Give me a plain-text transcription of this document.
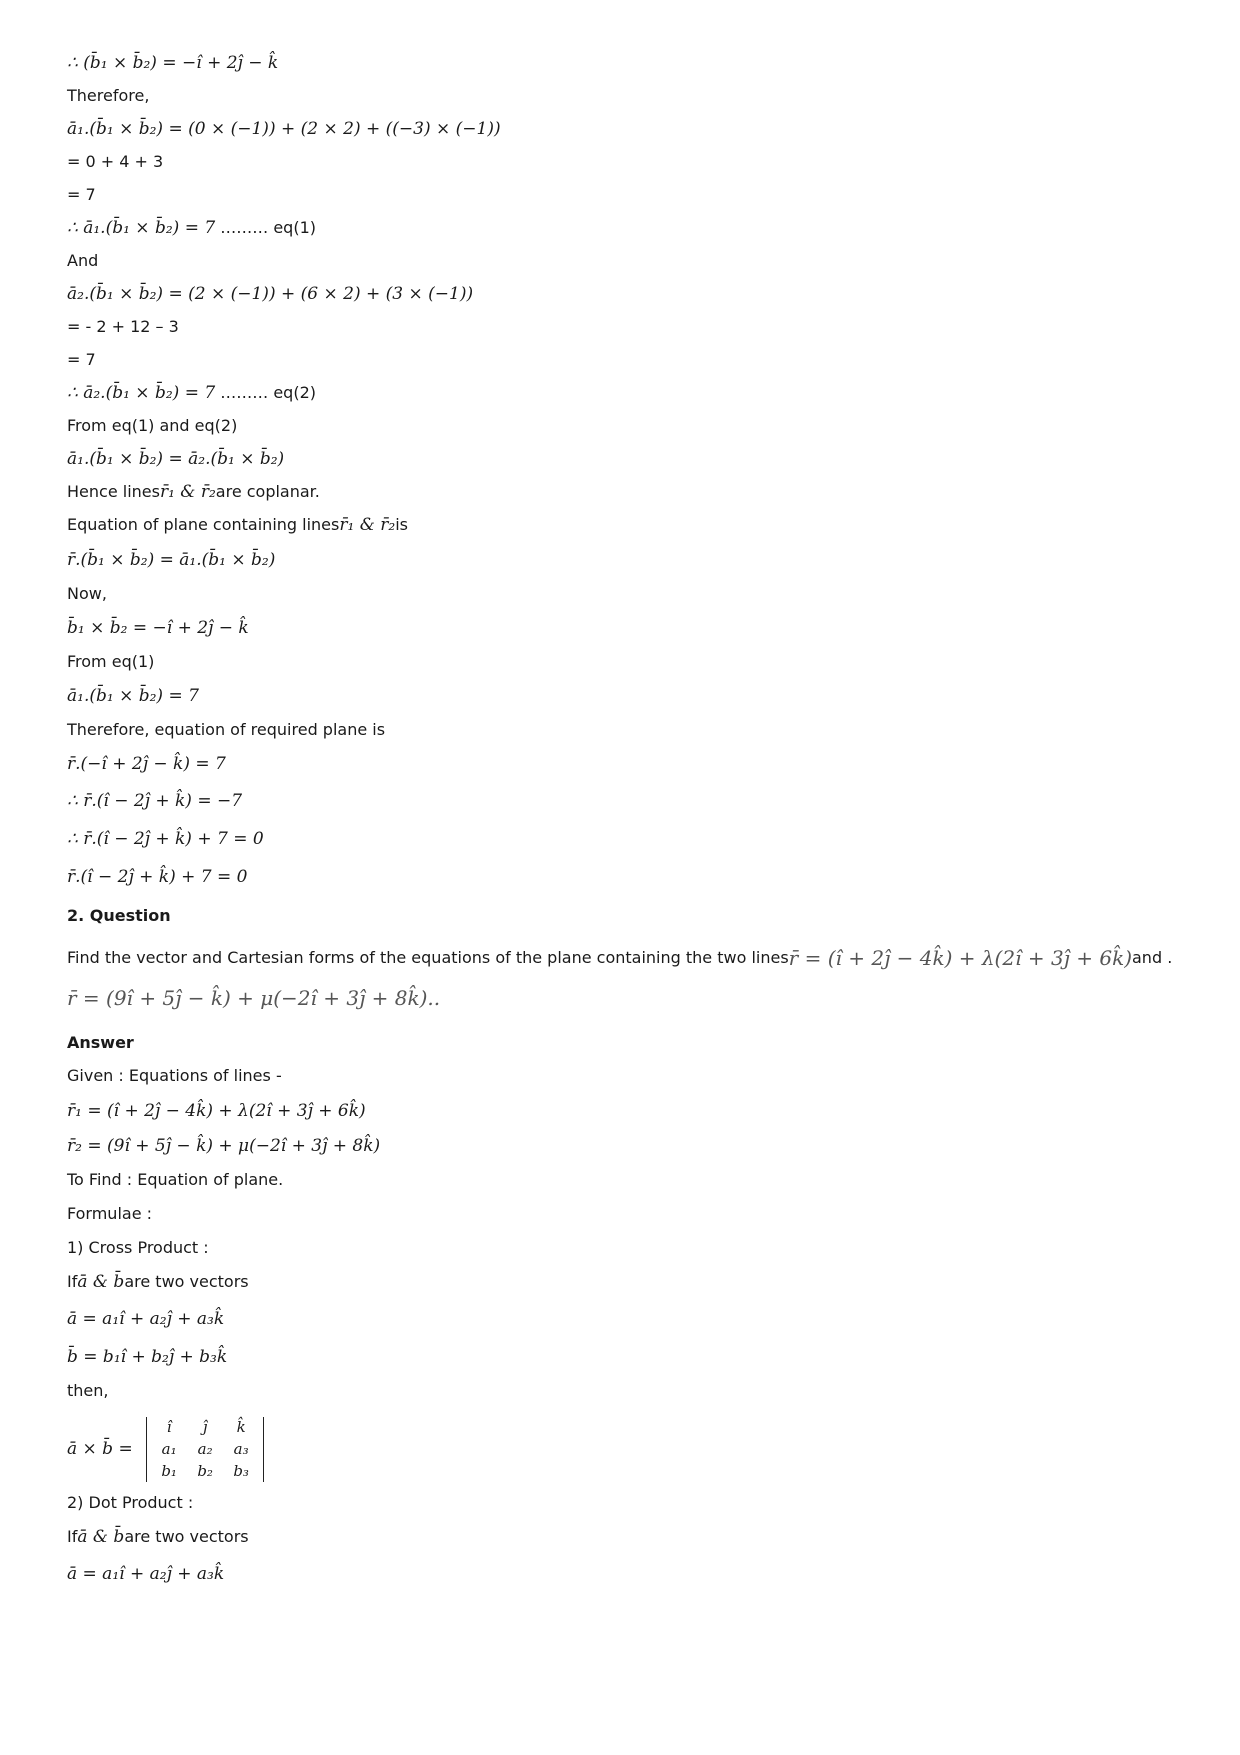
∴ (b̄₁ × b̄₂) = −î + 2ĵ − k̂
Therefore,
ā₁.(b̄₁ × b̄₂) = (0 × (−1)) + (2 × 2) + ((−3) × (−1))
= 0 + 4 + 3
= 7
∴ ā₁.(b̄₁ × b̄₂) = 7 ……… eq(1)
And
ā₂.(b̄₁ × b̄₂) = (2 × (−1)) + (6 × 2) + (3 × (−1))
= - 2 + 12 – 3
= 7
∴ ā₂.(b̄₁ × b̄₂) = 7 ……… eq(2)
From eq(1) and eq(2)
ā₁.(b̄₁ × b̄₂) = ā₂.(b̄₁ × b̄₂)
Hence lines r̄₁ & r̄₂ are coplanar.
Equation of plane containing lines r̄₁ & r̄₂ is
r̄.(b̄₁ × b̄₂) = ā₁.(b̄₁ × b̄₂)
Now,
b̄₁ × b̄₂ = −î + 2ĵ − k̂
From eq(1)
ā₁.(b̄₁ × b̄₂) = 7
Therefore, equation of required plane is
r̄.(−î + 2ĵ − k̂) = 7
∴ r̄.(î − 2ĵ + k̂) = −7
∴ r̄.(î − 2ĵ + k̂) + 7 = 0
r̄.(î − 2ĵ + k̂) + 7 = 0
2. Question
Find the vector and Cartesian forms of the equations of the plane containing the two lines r̄ = (î + 2ĵ − 4k̂) + λ(2î + 3ĵ + 6k̂) and .
r̄ = (9î + 5ĵ − k̂) + μ(−2î + 3ĵ + 8k̂)..
Answer
Given : Equations of lines -
r̄₁ = (î + 2ĵ − 4k̂) + λ(2î + 3ĵ + 6k̂)
r̄₂ = (9î + 5ĵ − k̂) + μ(−2î + 3ĵ + 8k̂)
To Find : Equation of plane.
Formulae :
1) Cross Product :
If ā & b̄ are two vectors
ā = a₁î + a₂ĵ + a₃k̂
b̄ = b₁î + b₂ĵ + b₃k̂
then,
ā × b̄ =
î	ĵ	k̂
a₁	a₂	a₃
b₁	b₂	b₃
2) Dot Product :
If ā & b̄ are two vectors
ā = a₁î + a₂ĵ + a₃k̂
